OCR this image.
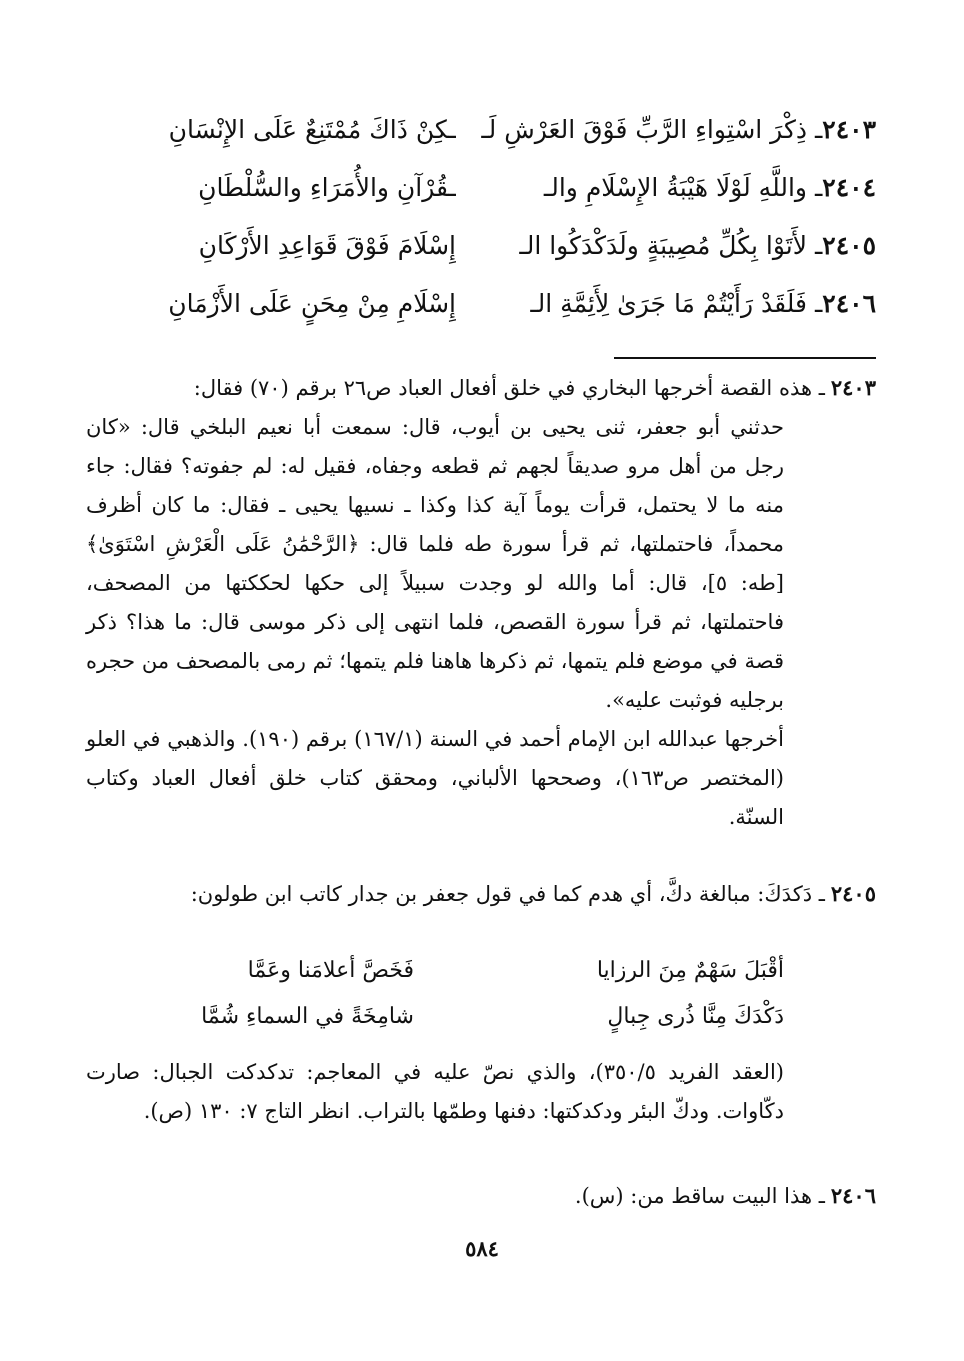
٢٤٠٣ـ ذِكْرَ اسْتِواءِ الرَّبِّ فَوْقَ العَرْشِ لَـ
ـكِنْ ذَاكَ مُمْتَنِعٌ عَلَى الإِنْسَانِ
٢٤٠٤ـ واللَّهِ لَوْلَا هَيْبَةُ الإِسْلَامِ والـ
ـقُرْآنِ والأُمَرَاءِ والسُّلْطَانِ
٢٤٠٥ـ لأَتَوْا بِكُلِّ مُصِيبَةٍ ولَدَكْدَكُوا الـ
إِسْلَامَ فَوْقَ قَوَاعِدِ الأَرْكَانِ
٢٤٠٦ـ فَلَقَدْ رَأَيْتُمْ مَا جَرَىٰ لِأَئِمَّةِ الـ
إِسْلَامِ مِنْ مِحَنٍ عَلَى الأَزْمَانِ
٢٤٠٣ـ هذه القصة أخرجها البخاري في خلق أفعال العباد ص٢٦ برقم (٧٠) فقال:
حدثني أبو جعفر، ثنى يحيى بن أيوب، قال: سمعت أبا نعيم البلخي قال: «كان رجل من أهل مرو صديقاً لجهم ثم قطعه وجفاه، فقيل له: لم جفوته؟ فقال: جاء منه ما لا يحتمل، قرأت يوماً آية كذا وكذا ـ نسيها يحيى ـ فقال: ما كان أظرف محمداً، فاحتملتها، ثم قرأ سورة طه فلما قال: ﴿الرَّحْمَٰنُ عَلَى الْعَرْشِ اسْتَوَىٰ﴾ [طه: ٥]، قال: أما والله لو وجدت سبيلاً إلى حكها لحككتها من المصحف، فاحتملتها، ثم قرأ سورة القصص، فلما انتهى إلى ذكر موسى قال: ما هذا؟ ذكر قصة في موضع فلم يتمها، ثم ذكرها هاهنا فلم يتمها؛ ثم رمى بالمصحف من حجره برجليه فوثبت عليه».
أخرجها عبدالله ابن الإمام أحمد في السنة (١٦٧/١) برقم (١٩٠). والذهبي في العلو (المختصر ص١٦٣)، وصححها الألباني، ومحقق كتاب خلق أفعال العباد وكتاب السنّة.
٢٤٠٥ـ دَكدَكَ: مبالغة دكَّ، أي هدم كما في قول جعفر بن جدار كاتب ابن طولون:
أقْبَلَ سَهْمٌ مِنَ الرزايا
فَخَصَّ أعلامَنا وعَمَّا
دَكْدَكَ مِنَّا ذُرى جِبالٍ
شامِخَةً في السماءِ شُمَّا
(العقد الفريد ٣٥٠/٥)، والذي نصّ عليه في المعاجم: تدكدكت الجبال: صارت دكّاوات. ودكّ البئر ودكدكتها: دفنها وطمّها بالتراب. انظر التاج ٧: ١٣٠ (ص).
٢٤٠٦ـ هذا البيت ساقط من: (س).
٥٨٤
